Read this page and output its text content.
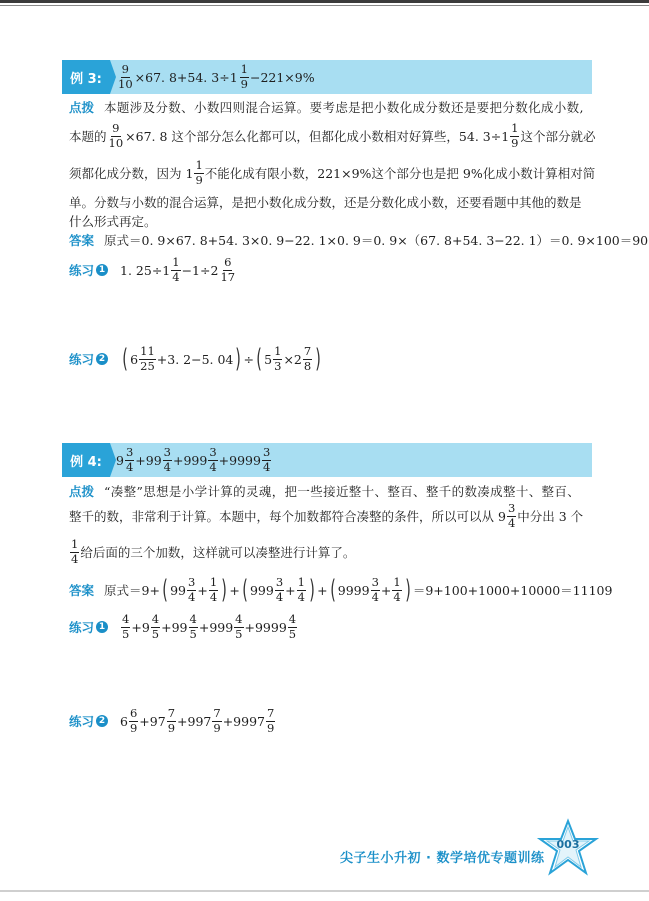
例 3:	$\frac{9}{10} \times 67$. 8+54. $3\div 1 \frac{1}{9} -221\times 9\%$
点拨 本题涉及分数、小数四则混合运算。要考虑是把小数化成分数还是要把分数化成小数,
本题的 $\frac{9}{10} \times 67$. 8 这个部分怎么化都可以，但都化成小数相对好算些，54. $3\div 1 \frac{1}{9}$ 这个部分就必
须都化成分数，因为 $1 \frac{1}{9}$ 不能化成有限小数，221×9%这个部分也是把 9%化成小数计算相对简
单。分数与小数的混合运算，是把小数化成分数，还是分数化成小数，还要看题中其他的数是
什么形式再定。
答案 原式＝0. 9×67. 8+54. 3×0. 9−22. 1×0. 9＝0. 9×（67. 8+54. 3−22. 1）＝0. 9×100＝90
练习 1 1. $25\div 1 \frac{1}{4} -1\div 2 \frac{6}{17}$
练习 2 ( $6 \frac{11}{25} +3$. 2−5. 04 ) ÷ ( $5 \frac{1}{3} \times 2 \frac{7}{8}$ )
例 4:	$9 \frac{3}{4} + 99 \frac{3}{4} + 999 \frac{3}{4} + 9999 \frac{3}{4}$
点拨 “凑整”思想是小学计算的灵魂，把一些接近整十、整百、整千的数凑成整十、整百、
整千的数，非常利于计算。本题中，每个加数都符合凑整的条件，所以可以从 $9 \frac{3}{4}$ 中分出 3 个
$\frac{1}{4}$ 给后面的三个加数，这样就可以凑整进行计算了。
答案 原式＝9+ ( $99 \frac{3}{4} + \frac{1}{4}$ ) + ( $999 \frac{3}{4} + \frac{1}{4}$ ) + ( $9999 \frac{3}{4} + \frac{1}{4}$ ) ＝9+100+1000+10000＝11109
练习 $1 \frac{4}{5} + 9 \frac{4}{5} + 99 \frac{4}{5} + 999 \frac{4}{5} + 9999 \frac{4}{5}$
练习 2 $6 \frac{6}{9} + 97 \frac{7}{9} + 997 \frac{7}{9} + 9997 \frac{7}{9}$
尖子生小升初 · 数学培优专题训练
003
